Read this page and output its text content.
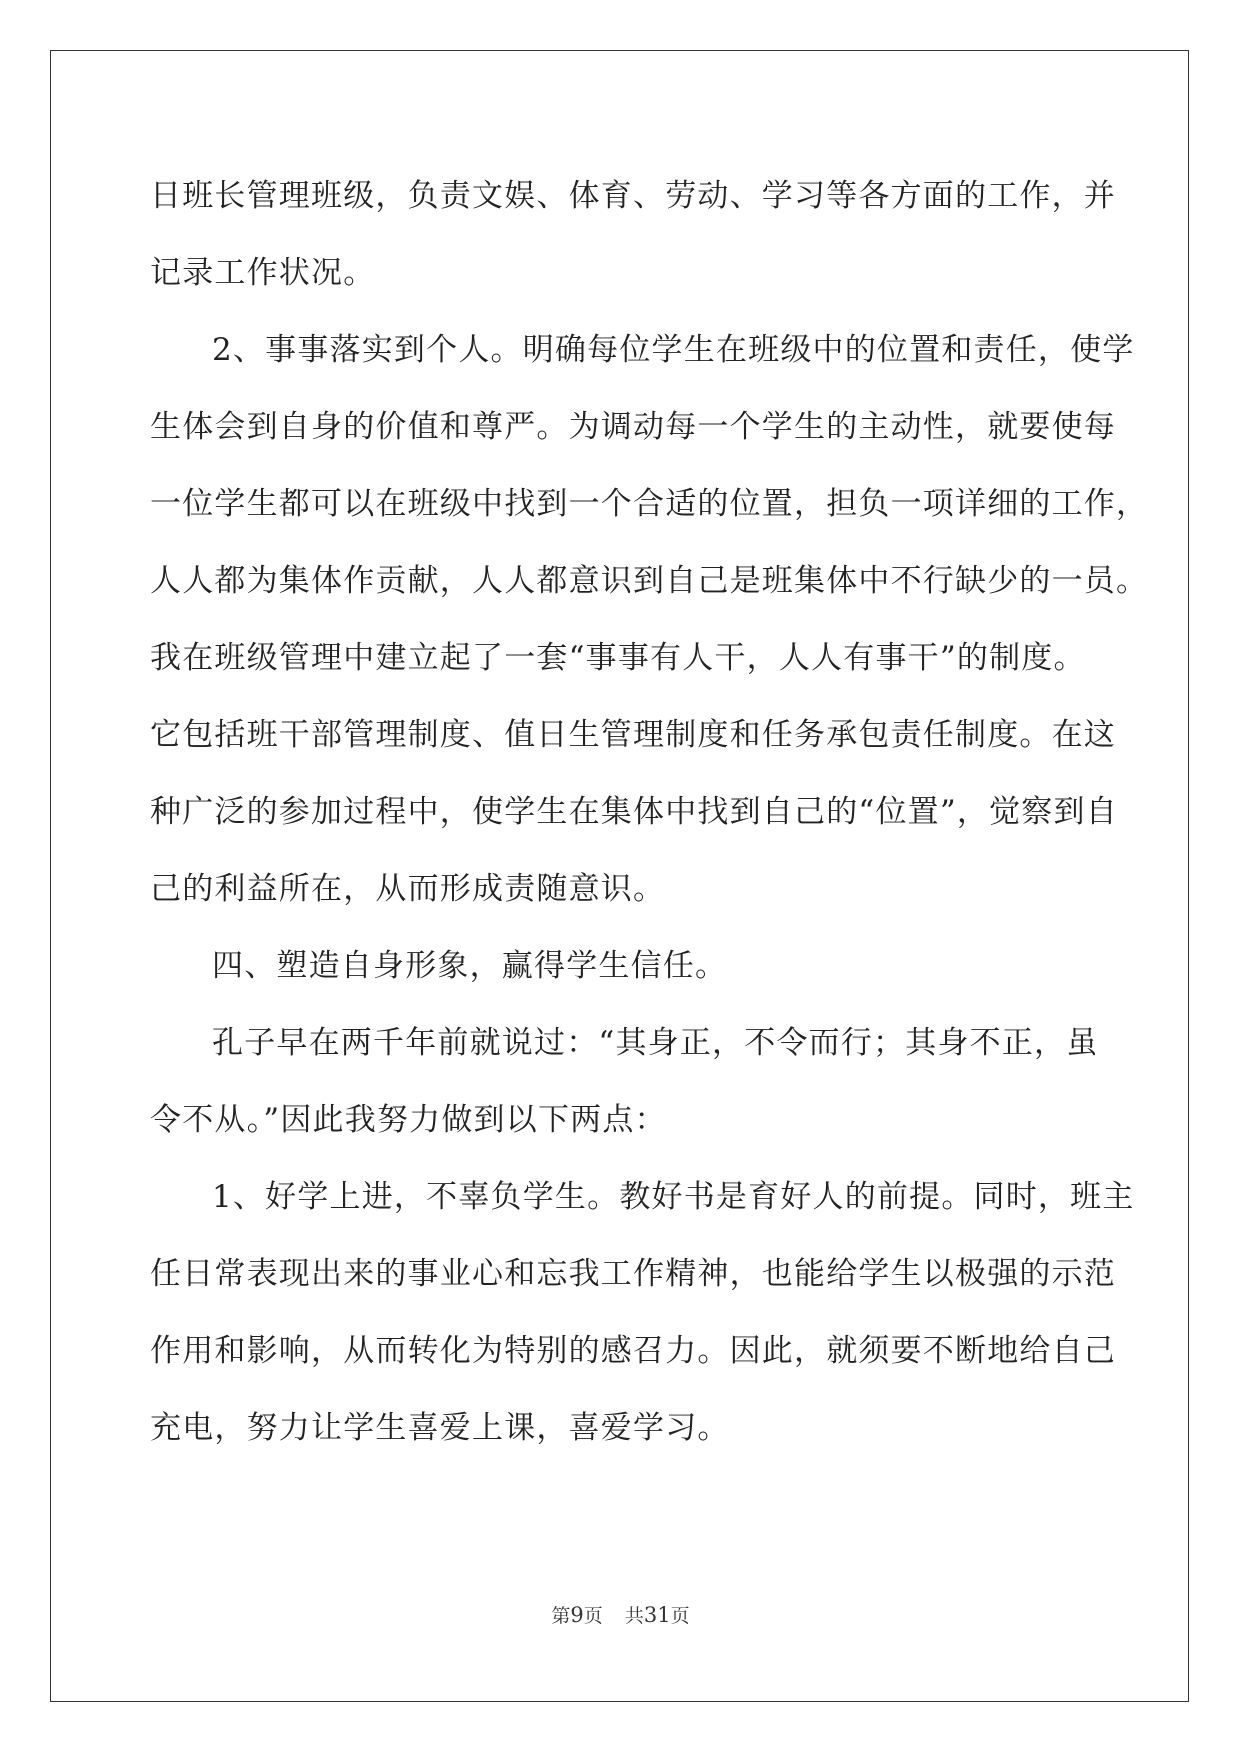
日班长管理班级，负责文娱、体育、劳动、学习等各方面的工作，并
记录工作状况。
2、事事落实到个人。明确每位学生在班级中的位置和责任，使学
生体会到自身的价值和尊严。为调动每一个学生的主动性，就要使每
一位学生都可以在班级中找到一个合适的位置，担负一项详细的工作，
人人都为集体作贡献，人人都意识到自己是班集体中不行缺少的一员。
我在班级管理中建立起了一套“事事有人干，人人有事干”的制度。
它包括班干部管理制度、值日生管理制度和任务承包责任制度。在这
种广泛的参加过程中，使学生在集体中找到自己的“位置”，觉察到自
己的利益所在，从而形成责随意识。
四、塑造自身形象，赢得学生信任。
孔子早在两千年前就说过：“其身正，不令而行；其身不正，虽
令不从。”因此我努力做到以下两点：
1、好学上进，不辜负学生。教好书是育好人的前提。同时，班主
任日常表现出来的事业心和忘我工作精神，也能给学生以极强的示范
作用和影响，从而转化为特别的感召力。因此，就须要不断地给自己
充电，努力让学生喜爱上课，喜爱学习。
第9页 共31页
